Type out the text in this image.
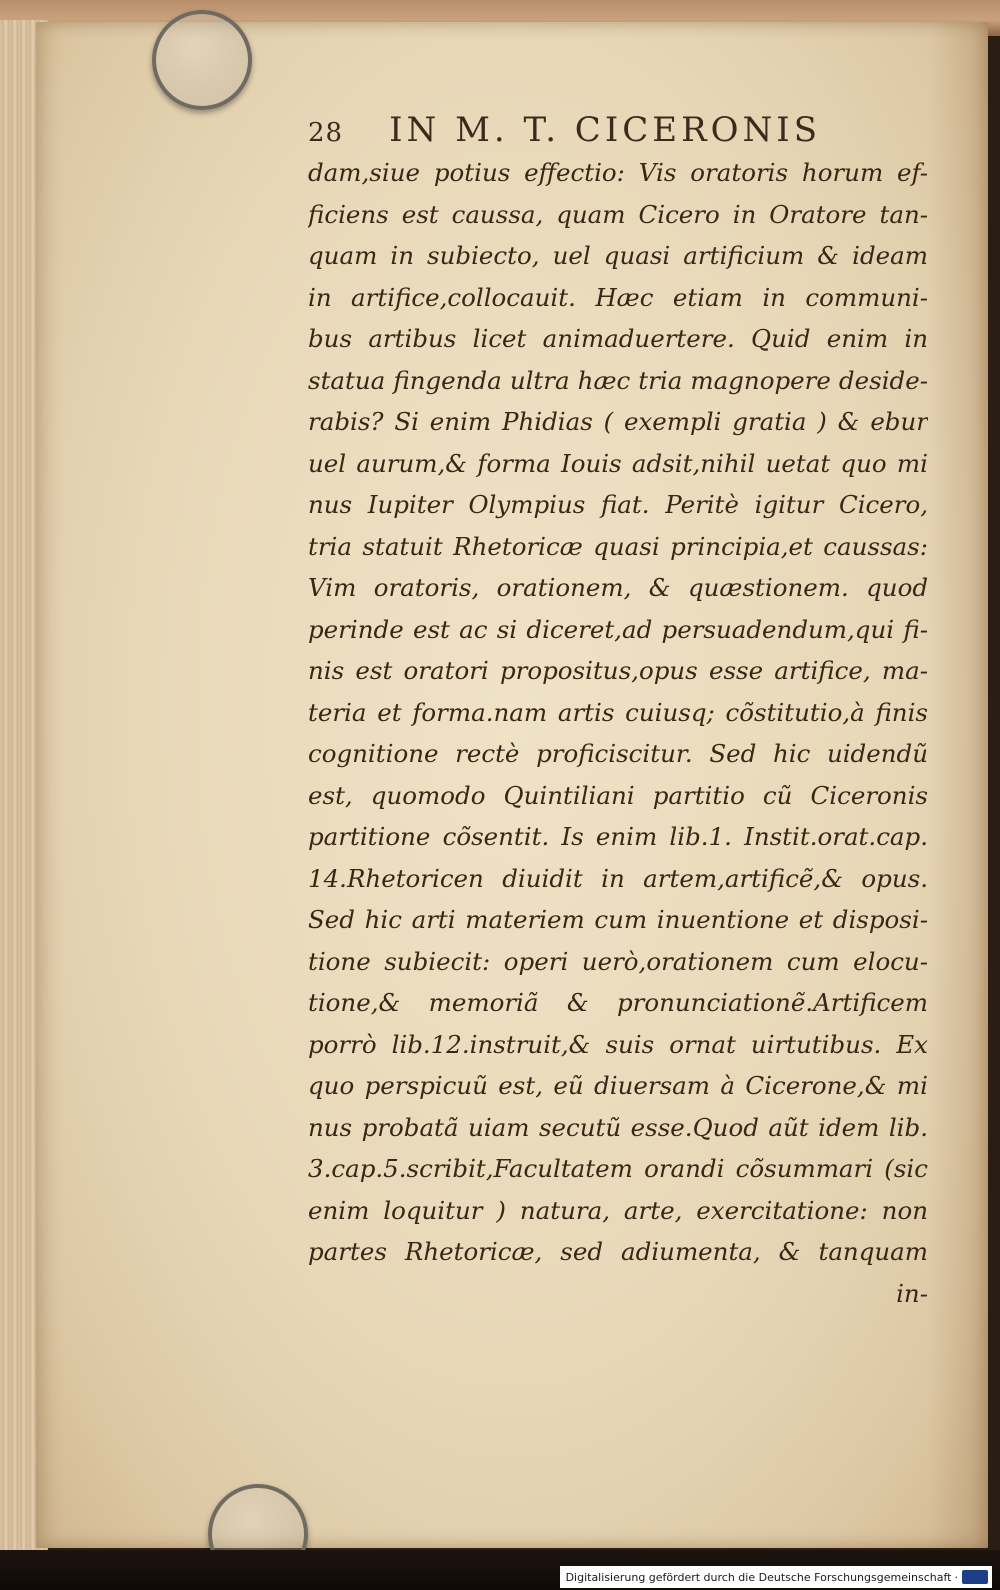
28 IN M. T. CICERONIS
dam,siue potius effectio: Vis oratoris horum ef-
ficiens est caussa, quam Cicero in Oratore tan-
quam in subiecto, uel quasi artificium & ideam
in artifice,collocauit. Hæc etiam in communi-
bus artibus licet animaduertere. Quid enim in
statua fingenda ultra hæc tria magnopere deside-
rabis? Si enim Phidias ( exempli gratia ) & ebur
uel aurum,& forma Iouis adsit,nihil uetat quo mi
nus Iupiter Olympius fiat. Peritè igitur Cicero,
tria statuit Rhetoricæ quasi principia,et caussas:
Vim oratoris, orationem, & quæstionem. quod
perinde est ac si diceret,ad persuadendum,qui fi-
nis est oratori propositus,opus esse artifice, ma-
teria et forma.nam artis cuiusq; cõstitutio,à finis
cognitione rectè proficiscitur. Sed hic uidendũ
est, quomodo Quintiliani partitio cũ Ciceronis
partitione cõsentit. Is enim lib.1. Instit.orat.cap.
14.Rhetoricen diuidit in artem,artificẽ,& opus.
Sed hic arti materiem cum inuentione et disposi-
tione subiecit: operi uerò,orationem cum elocu-
tione,& memoriã & pronunciationẽ.Artificem
porrò lib.12.instruit,& suis ornat uirtutibus. Ex
quo perspicuũ est, eũ diuersam à Cicerone,& mi
nus probatã uiam secutũ esse.Quod aũt idem lib.
3.cap.5.scribit,Facultatem orandi cõsummari (sic
enim loquitur ) natura, arte, exercitatione: non
partes Rhetoricæ, sed adiumenta, & tanquam
in-
Digitalisierung gefördert durch die Deutsche Forschungsgemeinschaft ·
